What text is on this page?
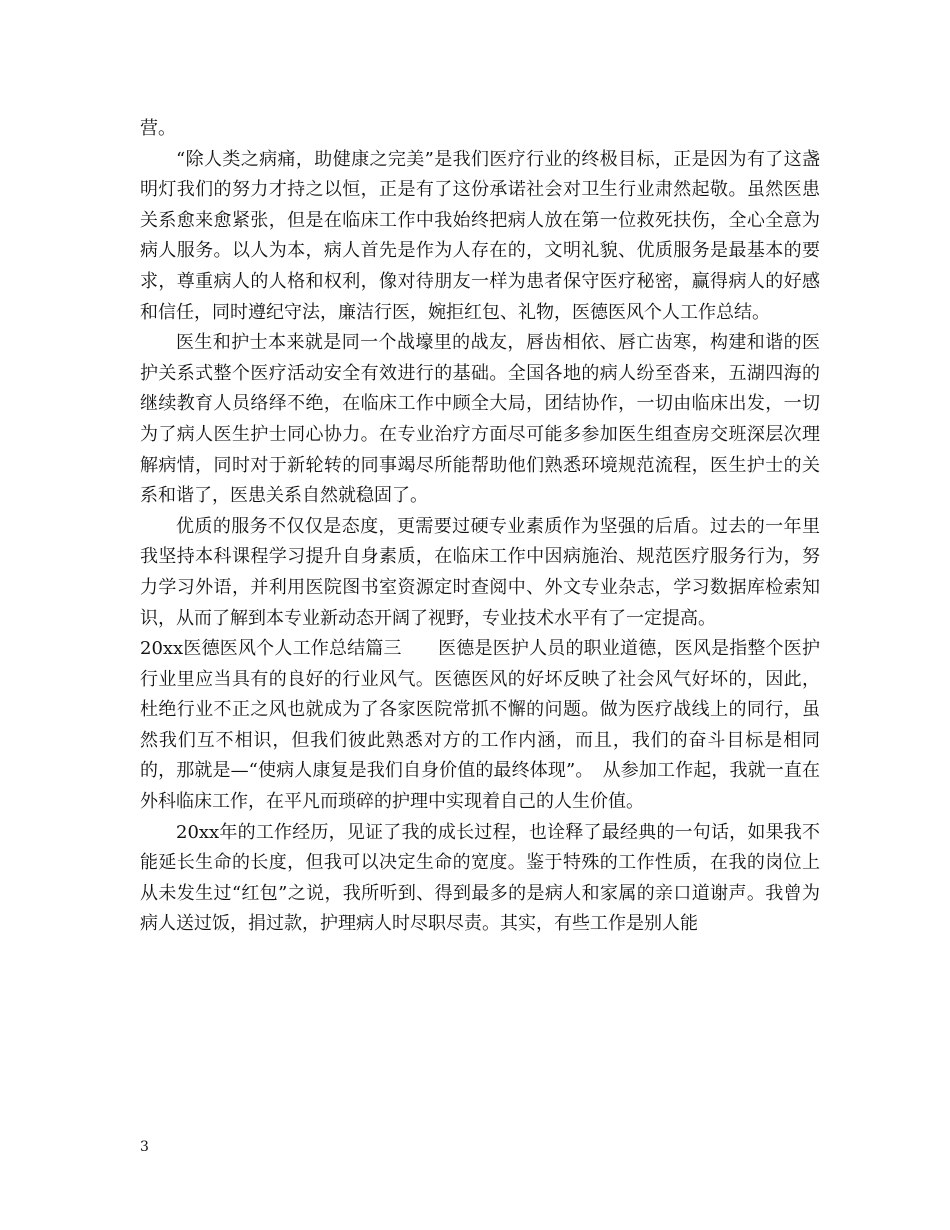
营。

“除人类之病痛，助健康之完美”是我们医疗行业的终极目标，正是因为有了这盏明灯我们的努力才持之以恒，正是有了这份承诺社会对卫生行业肃然起敬。虽然医患关系愈来愈紧张，但是在临床工作中我始终把病人放在第一位救死扶伤，全心全意为病人服务。以人为本，病人首先是作为人存在的，文明礼貌、优质服务是最基本的要求，尊重病人的人格和权利，像对待朋友一样为患者保守医疗秘密，赢得病人的好感和信任，同时遵纪守法，廉洁行医，婉拒红包、礼物，医德医风个人工作总结。

医生和护士本来就是同一个战壕里的战友，唇齿相依、唇亡齿寒，构建和谐的医护关系式整个医疗活动安全有效进行的基础。全国各地的病人纷至沓来，五湖四海的继续教育人员络绎不绝，在临床工作中顾全大局，团结协作，一切由临床出发，一切为了病人医生护士同心协力。在专业治疗方面尽可能多参加医生组查房交班深层次理解病情，同时对于新轮转的同事竭尽所能帮助他们熟悉环境规范流程，医生护士的关系和谐了，医患关系自然就稳固了。

优质的服务不仅仅是态度，更需要过硬专业素质作为坚强的后盾。过去的一年里我坚持本科课程学习提升自身素质，在临床工作中因病施治、规范医疗服务行为，努力学习外语，并利用医院图书室资源定时查阅中、外文专业杂志，学习数据库检索知识，从而了解到本专业新动态开阔了视野，专业技术水平有了一定提高。

20xx医德医风个人工作总结篇三　　医德是医护人员的职业道德，医风是指整个医护行业里应当具有的良好的行业风气。医德医风的好坏反映了社会风气好坏的，因此，杜绝行业不正之风也就成为了各家医院常抓不懈的问题。做为医疗战线上的同行，虽然我们互不相识，但我们彼此熟悉对方的工作内涵，而且，我们的奋斗目标是相同的，那就是—“使病人康复是我们自身价值的最终体现”。　从参加工作起，我就一直在外科临床工作，在平凡而琐碎的护理中实现着自己的人生价值。

20xx年的工作经历，见证了我的成长过程，也诠释了最经典的一句话，如果我不能延长生命的长度，但我可以决定生命的宽度。鉴于特殊的工作性质，在我的岗位上从未发生过“红包”之说，我所听到、得到最多的是病人和家属的亲口道谢声。我曾为病人送过饭，捐过款，护理病人时尽职尽责。其实，有些工作是别人能

3
